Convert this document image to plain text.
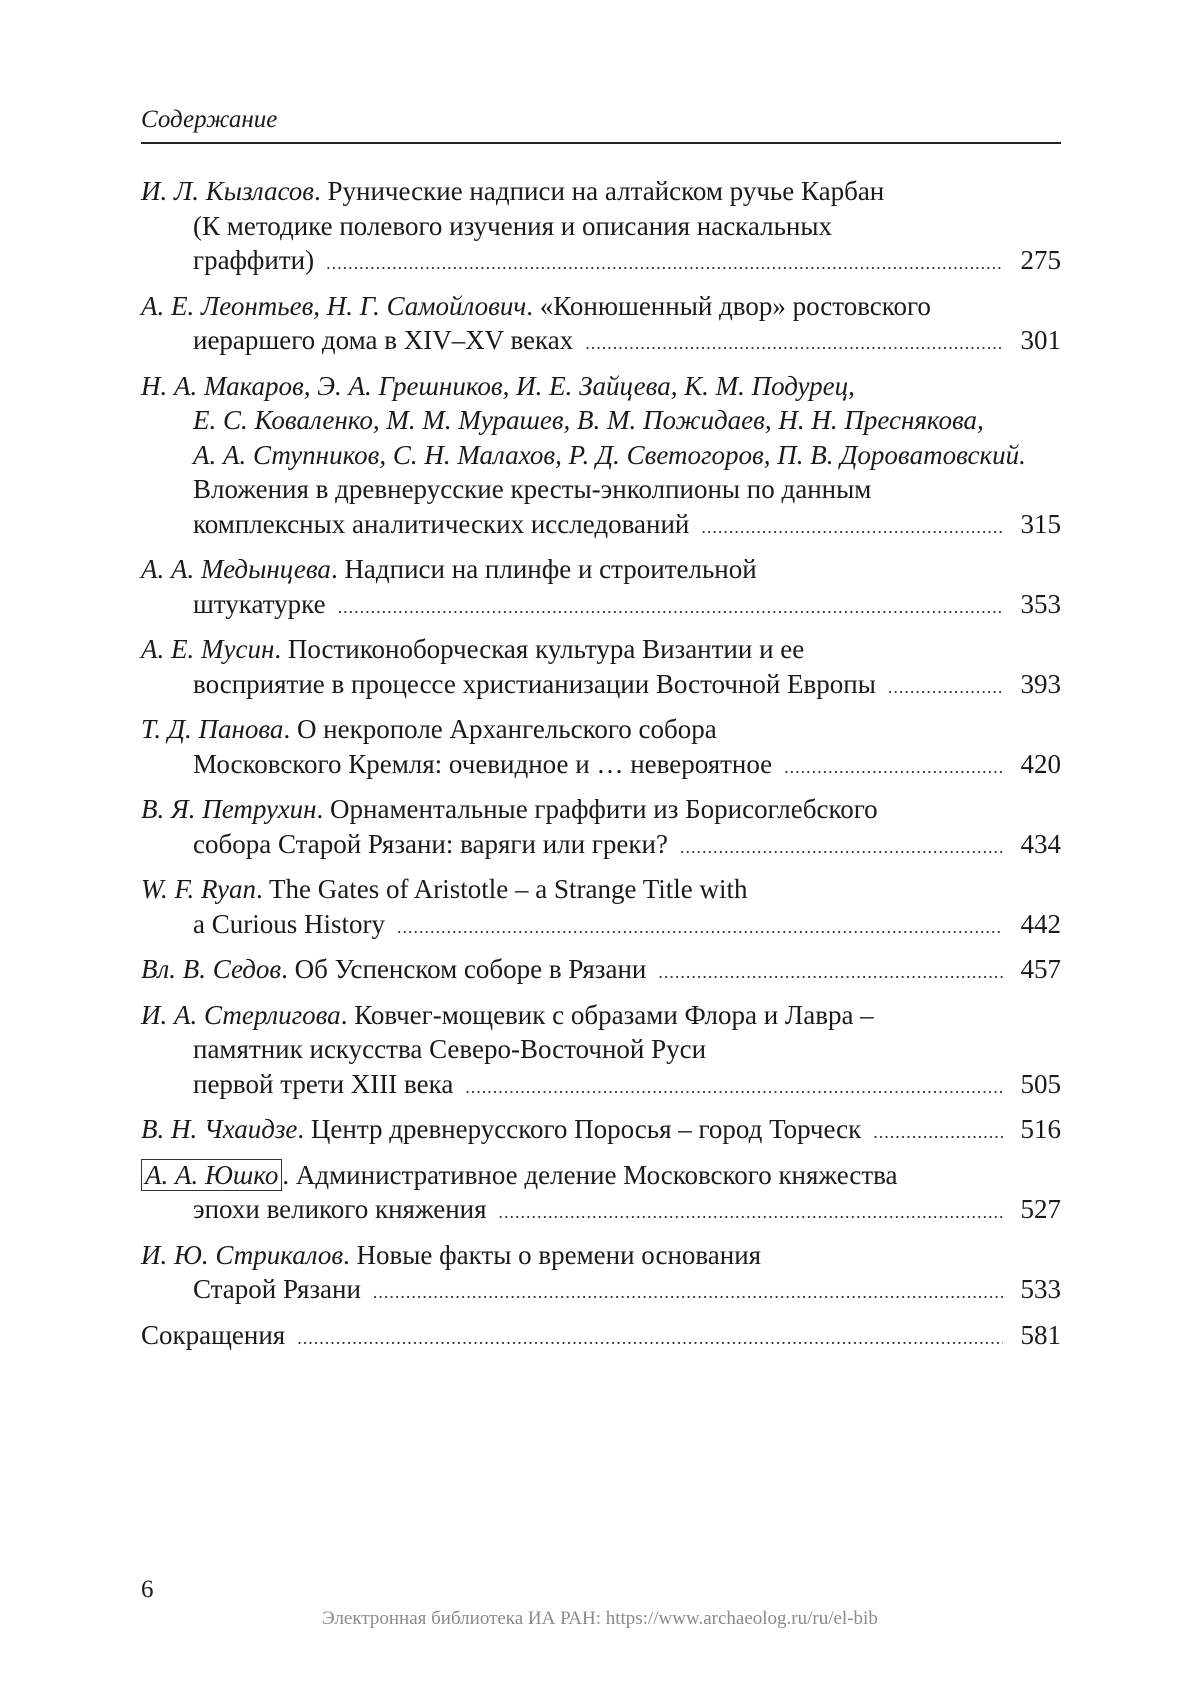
Содержание
И. Л. Кызласов. Рунические надписи на алтайском ручье Карбан
(К методике полевого изучения и описания наскальных
граффити) .....	275
А. Е. Леонтьев, Н. Г. Самойлович. «Конюшенный двор» ростовского
иераршего дома в XIV–XV веках .....	301
Н. А. Макаров, Э. А. Грешников, И. Е. Зайцева, К. М. Подурец,
Е. С. Коваленко, М. М. Мурашев, В. М. Пожидаев, Н. Н. Преснякова,
А. А. Ступников, С. Н. Малахов, Р. Д. Светогоров, П. В. Доровaтовский.
Вложения в древнерусские кресты-энколпионы по данным
комплексных аналитических исследований .....	315
А. А. Медынцева. Надписи на плинфе и строительной
штукатурке .....	353
А. Е. Мусин. Постиконоборческая культура Византии и ее
восприятие в процессе христианизации Восточной Европы .....	393
Т. Д. Панова. О некрополе Архангельского собора
Московского Кремля: очевидное и … невероятное .....	420
В. Я. Петрухин. Орнаментальные граффити из Борисоглебского
собора Старой Рязани: варяги или греки? .....	434
W. F. Ryan. The Gates of Aristotle – a Strange Title with
a Curious History .....	442
Вл. В. Седов. Об Успенском соборе в Рязани .....	457
И. А. Стерлигова. Ковчег-мощевик с образами Флора и Лавра –
памятник искусства Северо-Восточной Руси
первой трети XIII века .....	505
В. Н. Чхаидзе. Центр древнерусского Поросья – город Торческ .....	516
А. А. Юшко . Административное деление Московского княжества
эпохи великого княжения .....	527
И. Ю. Стрикалов. Новые факты о времени основания
Старой Рязани .....	533
Сокращения .....	581
6
Электронная библиотека ИА РАН: https://www.archaeolog.ru/ru/el-bib
